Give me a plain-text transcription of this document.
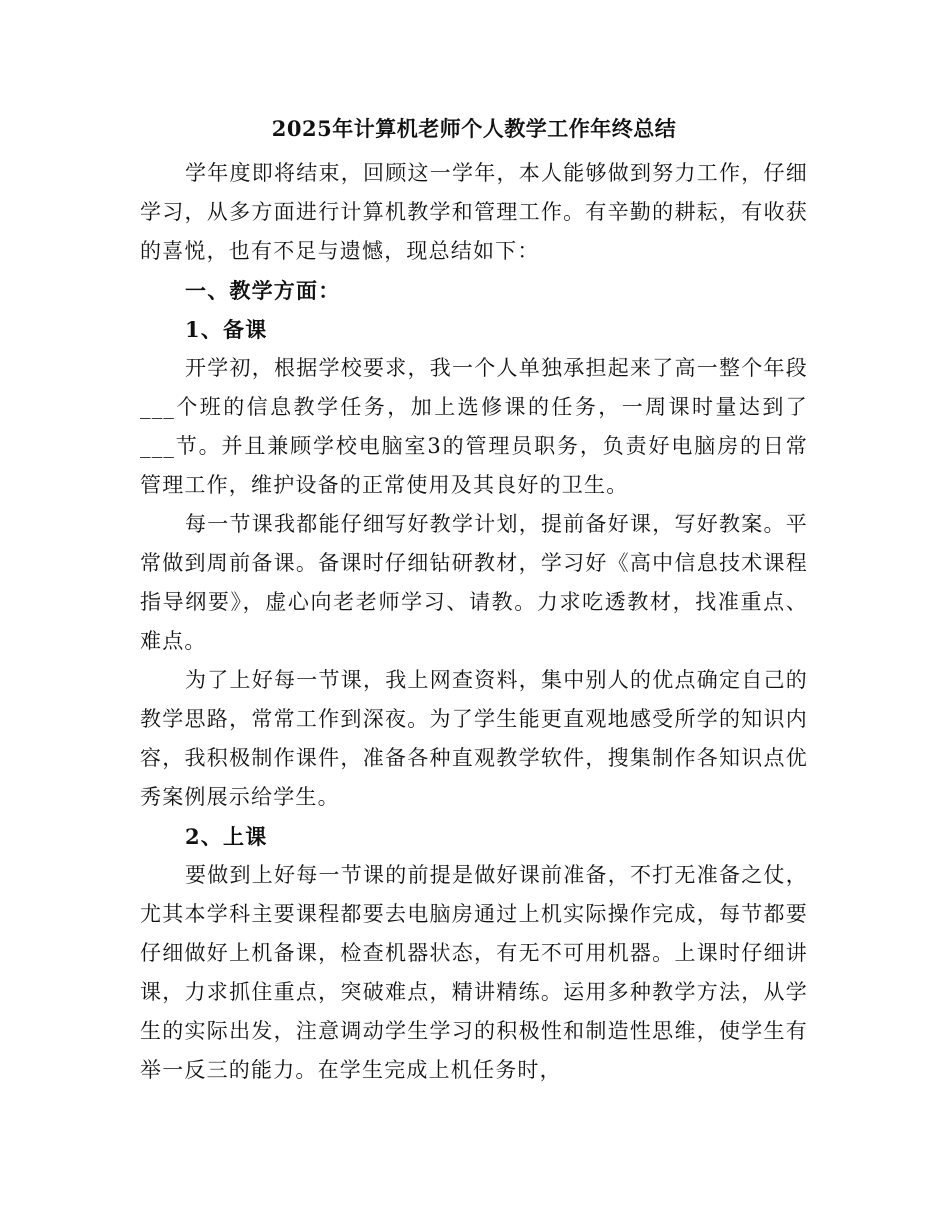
2025年计算机老师个人教学工作年终总结

学年度即将结束，回顾这一学年，本人能够做到努力工作，仔细学习，从多方面进行计算机教学和管理工作。有辛勤的耕耘，有收获的喜悦，也有不足与遗憾，现总结如下：

一、教学方面：

1、备课

开学初，根据学校要求，我一个人单独承担起来了高一整个年段___个班的信息教学任务，加上选修课的任务，一周课时量达到了___节。并且兼顾学校电脑室3的管理员职务，负责好电脑房的日常管理工作，维护设备的正常使用及其良好的卫生。

每一节课我都能仔细写好教学计划，提前备好课，写好教案。平常做到周前备课。备课时仔细钻研教材，学习好《高中信息技术课程指导纲要》，虚心向老老师学习、请教。力求吃透教材，找准重点、难点。

为了上好每一节课，我上网查资料，集中别人的优点确定自己的教学思路，常常工作到深夜。为了学生能更直观地感受所学的知识内容，我积极制作课件，准备各种直观教学软件，搜集制作各知识点优秀案例展示给学生。

2、上课

要做到上好每一节课的前提是做好课前准备，不打无准备之仗，尤其本学科主要课程都要去电脑房通过上机实际操作完成，每节都要仔细做好上机备课，检查机器状态，有无不可用机器。上课时仔细讲课，力求抓住重点，突破难点，精讲精练。运用多种教学方法，从学生的实际出发，注意调动学生学习的积极性和制造性思维，使学生有举一反三的能力。在学生完成上机任务时，
